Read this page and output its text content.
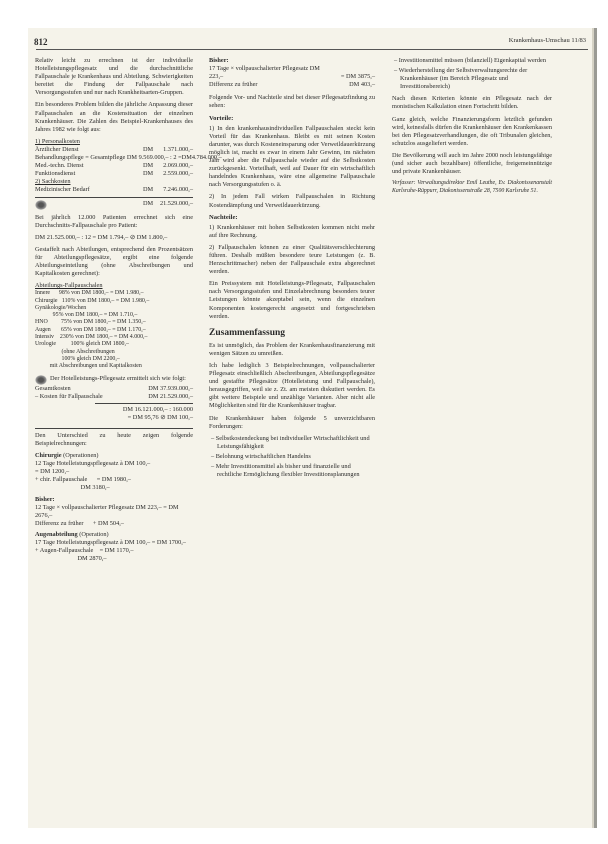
812	Krankenhaus-Umschau 11/83

Relativ leicht zu errechnen ist der individuelle Hotelleistungspflegesatz und die durchschnittliche Fallpauschale je Krankenhaus und Abteilung. Schwierigkeiten bereitet die Findung der Fallpauschale nach Versorgungsstufen und nur nach Krankheitsarten-Gruppen.

Ein besonderes Problem bilden die jährliche Anpassung dieser Fallpauschalen an die Kostensituation der einzelnen Krankenhäuser. Die Zahlen des Beispiel-Krankenhauses des Jahres 1982 wie folgt aus:

1) Personalkosten
Ärztlicher Dienst	DM	1.371.000,–
Behandlungspflege = Gesamtpflege DM 9.569.000,– : 2 = DM 4.784.000,–
Med.-techn. Dienst	DM	2.069.000,–
Funktionsdienst	DM	2.559.000,–
2) Sachkosten
Medizinischer Bedarf	DM	7.246.000,–
DM	21.529.000,–

Bei jährlich 12.000 Patienten errechnet sich eine Durchschnitts-Fallpauschale pro Patient:

DM 21.525.000,– : 12 = DM 1.794,– ⊘ DM 1.800,–

Gestaffelt nach Abteilungen, entsprechend den Prozentsätzen für Abteilungspflegesätze, ergibt eine folgende Abteilungseinteilung (ohne Abschreibungen und Kapitalkosten gerechnet):

Abteilungs-Fallpauschalen
Innere      98% von DM 1800,– = DM 1.980,–
Chirurgie   110% von DM 1800,– = DM 1.980,–
Gynäkologie/Wochen
95% von DM 1800,– = DM 1.710,–
HNO         75% von DM 1800,– = DM 1.350,–
Augen       65% von DM 1800,– = DM 1.170,–
Intensiv    230% von DM 1800,– = DM 4.000,–
Urologie          100% gleich DM 1800,–
(ohne Abschreibungen
100% gleich DM 2200,–
mit Abschreibungen und Kapitalkosten
Der Hotelleistungs-Pflegesatz ermittelt sich wie folgt:
Gesamtkosten	DM 37.939.000,–
– Kosten für Fallpauschale	DM 21.529.000,–
DM 16.121.000,– : 160.000
= DM 95,76 ⊘ DM 100,–

Den Unterschied zu heute zeigen folgende Beispielrechnungen:

Chirurgie (Operationen)
12 Tage Hotelleistungspflegesatz à DM 100,–
= DM 1200,–
+ chir. Fallpauschale      = DM 1980,–
DM 3180,–
Bisher:
12 Tage × vollpauschalierter Pflegesatz DM 223,– = DM 2676,–
Differenz zu früher      + DM 504,–
Augenabteilung (Operation)
17 Tage Hotelleistungspflegesatz à DM 100,– = DM 1700,–
+ Augen-Fallpauschale    = DM 1170,–
DM 2870,–
Bisher:
17 Tage × vollpauschalierter Pflegesatz DM 223,–	= DM 3875,–
Differenz zu früher	DM 403,–

Folgende Vor- und Nachteile sind bei dieser Pflegesatzfindung zu sehen:

Vorteile:

1) In den krankenhausindividuellen Fallpauschalen steckt kein Vorteil für das Krankenhaus. Bleibt es mit seinen Kosten darunter, was durch Kosteneinsparung oder Verweildauerkürzung möglich ist, macht es zwar in einem Jahr Gewinn, im nächsten Jahr wird aber die Fallpauschale wieder auf die Selbstkosten zurückgesenkt. Vorteilhaft, weil auf Dauer für ein wirtschaftlich handelndes Krankenhaus, wäre eine allgemeine Fallpauschale nach Versorgungsstufen o. ä.

2) In jedem Fall wirken Fallpauschalen in Richtung Kostendämpfung und Verweildauerkürzung.

Nachteile:

1) Krankenhäuser mit hohen Selbstkosten kommen nicht mehr auf ihre Rechnung.

2) Fallpauschalen können zu einer Qualitätsverschlechterung führen. Deshalb müßten besondere teure Leistungen (z. B. Herzschrittmacher) neben der Fallpauschale extra abgerechnet werden.

Ein Preissystem mit Hotelleistungs-Pflegesatz, Fallpauschalen nach Versorgungsstufen und Einzelabrechnung besonders teurer Leistungen könnte akzeptabel sein, wenn die einzelnen Komponenten kostengerecht angesetzt und fortgeschrieben werden.

Zusammenfassung

Es ist unmöglich, das Problem der Krankenhausfinanzierung mit wenigen Sätzen zu umreißen.

Ich habe lediglich 3 Beispielrechnungen, vollpauschalierter Pflegesatz einschließlich Abschreibungen, Abteilungspflegesätze und gestaffte Pflegesätze (Hotelleistung und Fallpauschale), herausgegriffen, weil sie z. Zt. am meisten diskutiert werden. Es gibt weitere Beispiele und unzählige Varianten. Aber nicht alle Möglichkeiten sind für die Krankenhäuser tragbar.

Die Krankenhäuser haben folgende 5 unverzichtbaren Forderungen:

– Selbstkostendeckung bei individueller Wirtschaftlichkeit und Leistungsfähigkeit

– Belohnung wirtschaftlichen Handelns

– Mehr Investitionsmittel als bisher und finanzielle und rechtliche Ermöglichung flexibler Investitionsplanungen

– Investitionsmittel müssen (bilanziell) Eigenkapital werden

– Wiederherstellung der Selbstverwaltungsrechte der Krankenhäuser (im Bereich Pflegesatz und Investitionsbereich)

Nach diesen Kriterien könnte ein Pflegesatz nach der monistischen Kalkulation einen Fortschritt bilden.

Ganz gleich, welche Finanzierungsform letztlich gefunden wird, keinesfalls dürfen die Krankenhäuser den Krankenkassen bei den Pflegesatzverhandlungen, die oft Tribunalen gleichen, schutzlos ausgeliefert werden.

Die Bevölkerung will auch im Jahre 2000 noch leistungsfähige (und sicher auch bezahlbare) öffentliche, freigemeinnützige und private Krankenhäuser.

Verfasser: Verwaltungsdirektor Emil Leuthe, Ev. Diakonissenanstalt Karlsruhe-Rüppurr, Diakonissenstraße 28, 7500 Karlsruhe 51.
